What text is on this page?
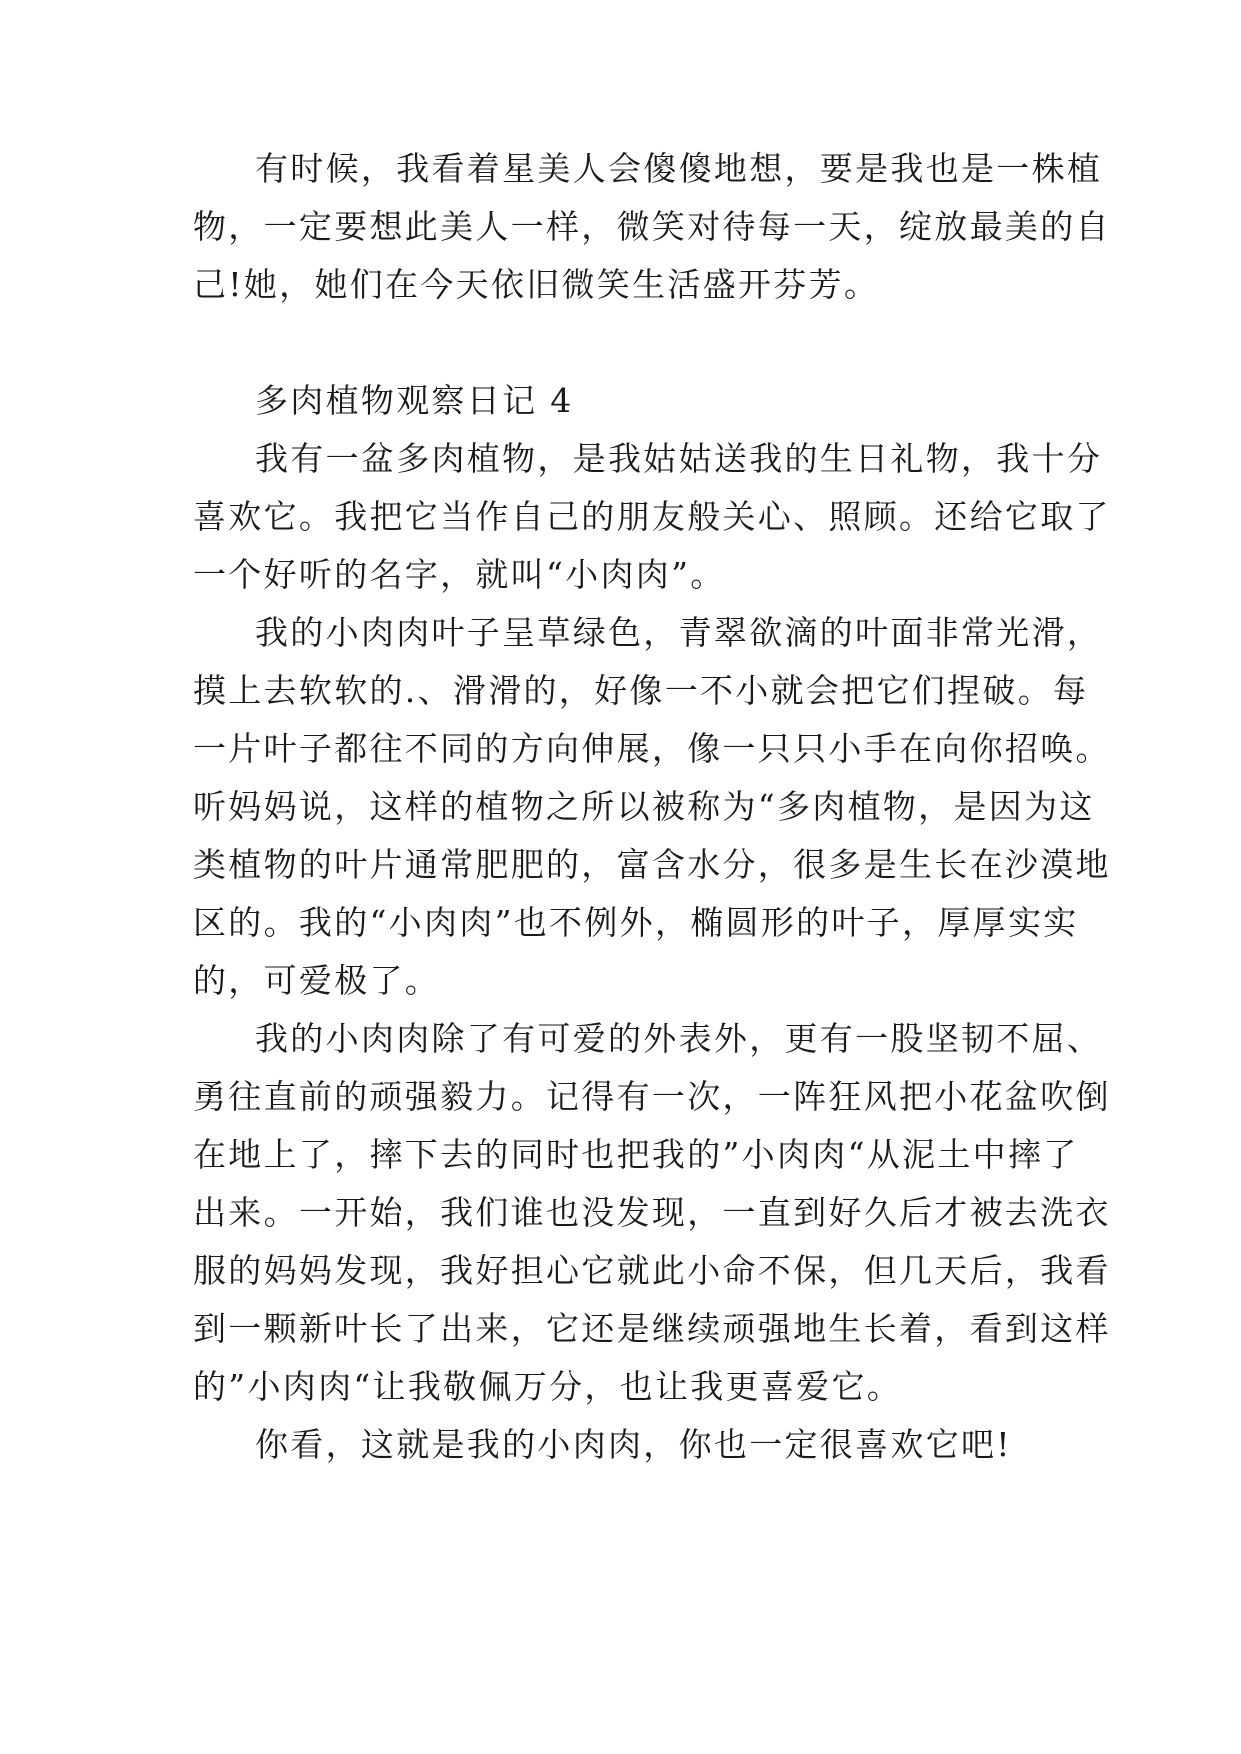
有时候，我看着星美人会傻傻地想，要是我也是一株植
物，一定要想此美人一样，微笑对待每一天，绽放最美的自
己!她，她们在今天依旧微笑生活盛开芬芳。
多肉植物观察日记 4
我有一盆多肉植物，是我姑姑送我的生日礼物，我十分
喜欢它。我把它当作自己的朋友般关心、照顾。还给它取了
一个好听的名字，就叫“小肉肉”。
我的小肉肉叶子呈草绿色，青翠欲滴的叶面非常光滑，
摸上去软软的.、滑滑的，好像一不小就会把它们捏破。每
一片叶子都往不同的方向伸展，像一只只小手在向你招唤。
听妈妈说，这样的植物之所以被称为“多肉植物，是因为这
类植物的叶片通常肥肥的，富含水分，很多是生长在沙漠地
区的。我的“小肉肉”也不例外，椭圆形的叶子，厚厚实实
的，可爱极了。
我的小肉肉除了有可爱的外表外，更有一股坚韧不屈、
勇往直前的顽强毅力。记得有一次，一阵狂风把小花盆吹倒
在地上了，摔下去的同时也把我的”小肉肉“从泥土中摔了
出来。一开始，我们谁也没发现，一直到好久后才被去洗衣
服的妈妈发现，我好担心它就此小命不保，但几天后，我看
到一颗新叶长了出来，它还是继续顽强地生长着，看到这样
的”小肉肉“让我敬佩万分，也让我更喜爱它。
你看，这就是我的小肉肉，你也一定很喜欢它吧!
